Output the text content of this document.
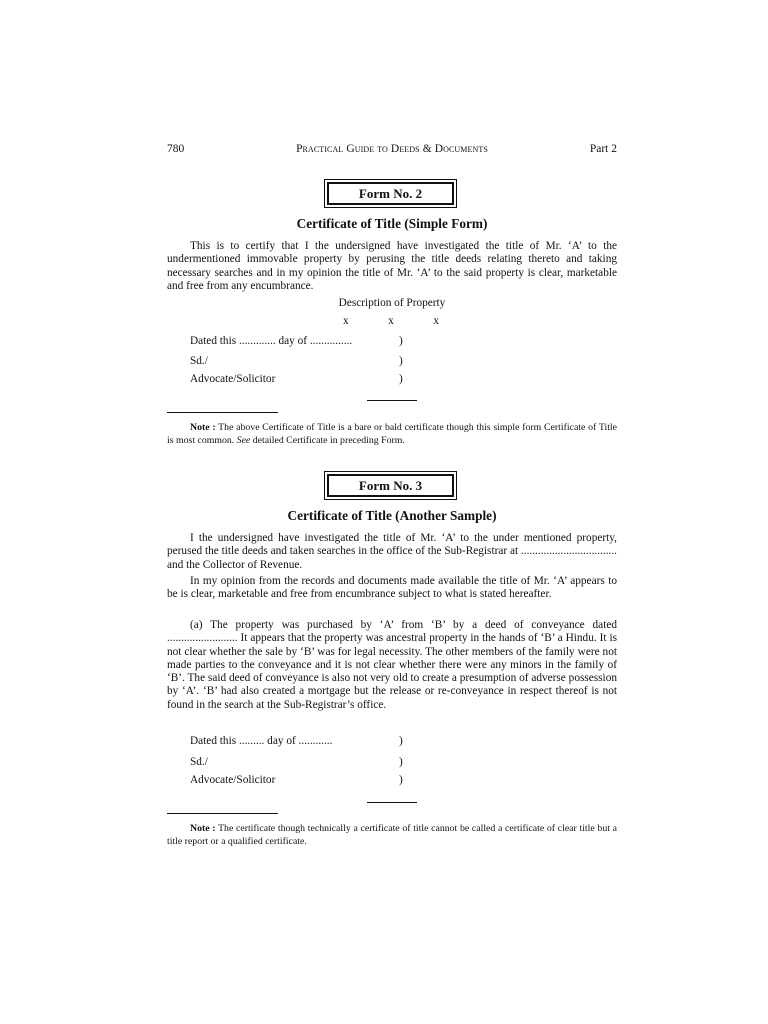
780	Practical Guide to Deeds & Documents	Part 2
Form No. 2
Certificate of Title (Simple Form)

This is to certify that I the undersigned have investigated the title of Mr. ‘A’ to the undermentioned immovable property by perusing the title deeds relating thereto and taking necessary searches and in my opinion the title of Mr. ‘A’ to the said property is clear, marketable and free from any encumbrance.

Description of Property
x	x	x
Dated this ............. day of ...............	)
Sd./	)
Advocate/Solicitor	)

Note : The above Certificate of Title is a bare or bald certificate though this simple form Certificate of Title is most common. See detailed Certificate in preceding Form.

Form No. 3
Certificate of Title (Another Sample)

I the undersigned have investigated the title of Mr. ‘A’ to the under mentioned property, perused the title deeds and taken searches in the office of the Sub-Registrar at .................................. and the Collector of Revenue.

In my opinion from the records and documents made available the title of Mr. ‘A’ appears to be is clear, marketable and free from encumbrance subject to what is stated hereafter.

(a) The property was purchased by ‘A’ from ‘B’ by a deed of conveyance dated ......................... It appears that the property was ancestral property in the hands of ‘B’ a Hindu. It is not clear whether the sale by ‘B’ was for legal necessity. The other members of the family were not made parties to the conveyance and it is not clear whether there were any minors in the family of ‘B’. The said deed of conveyance is also not very old to create a presumption of adverse possession by ‘A’. ‘B’ had also created a mortgage but the release or re-conveyance in respect thereof is not found in the search at the Sub-Registrar’s office.

Dated this ......... day of ............	)
Sd./	)
Advocate/Solicitor	)

Note : The certificate though technically a certificate of title cannot be called a certificate of clear title but a title report or a qualified certificate.
